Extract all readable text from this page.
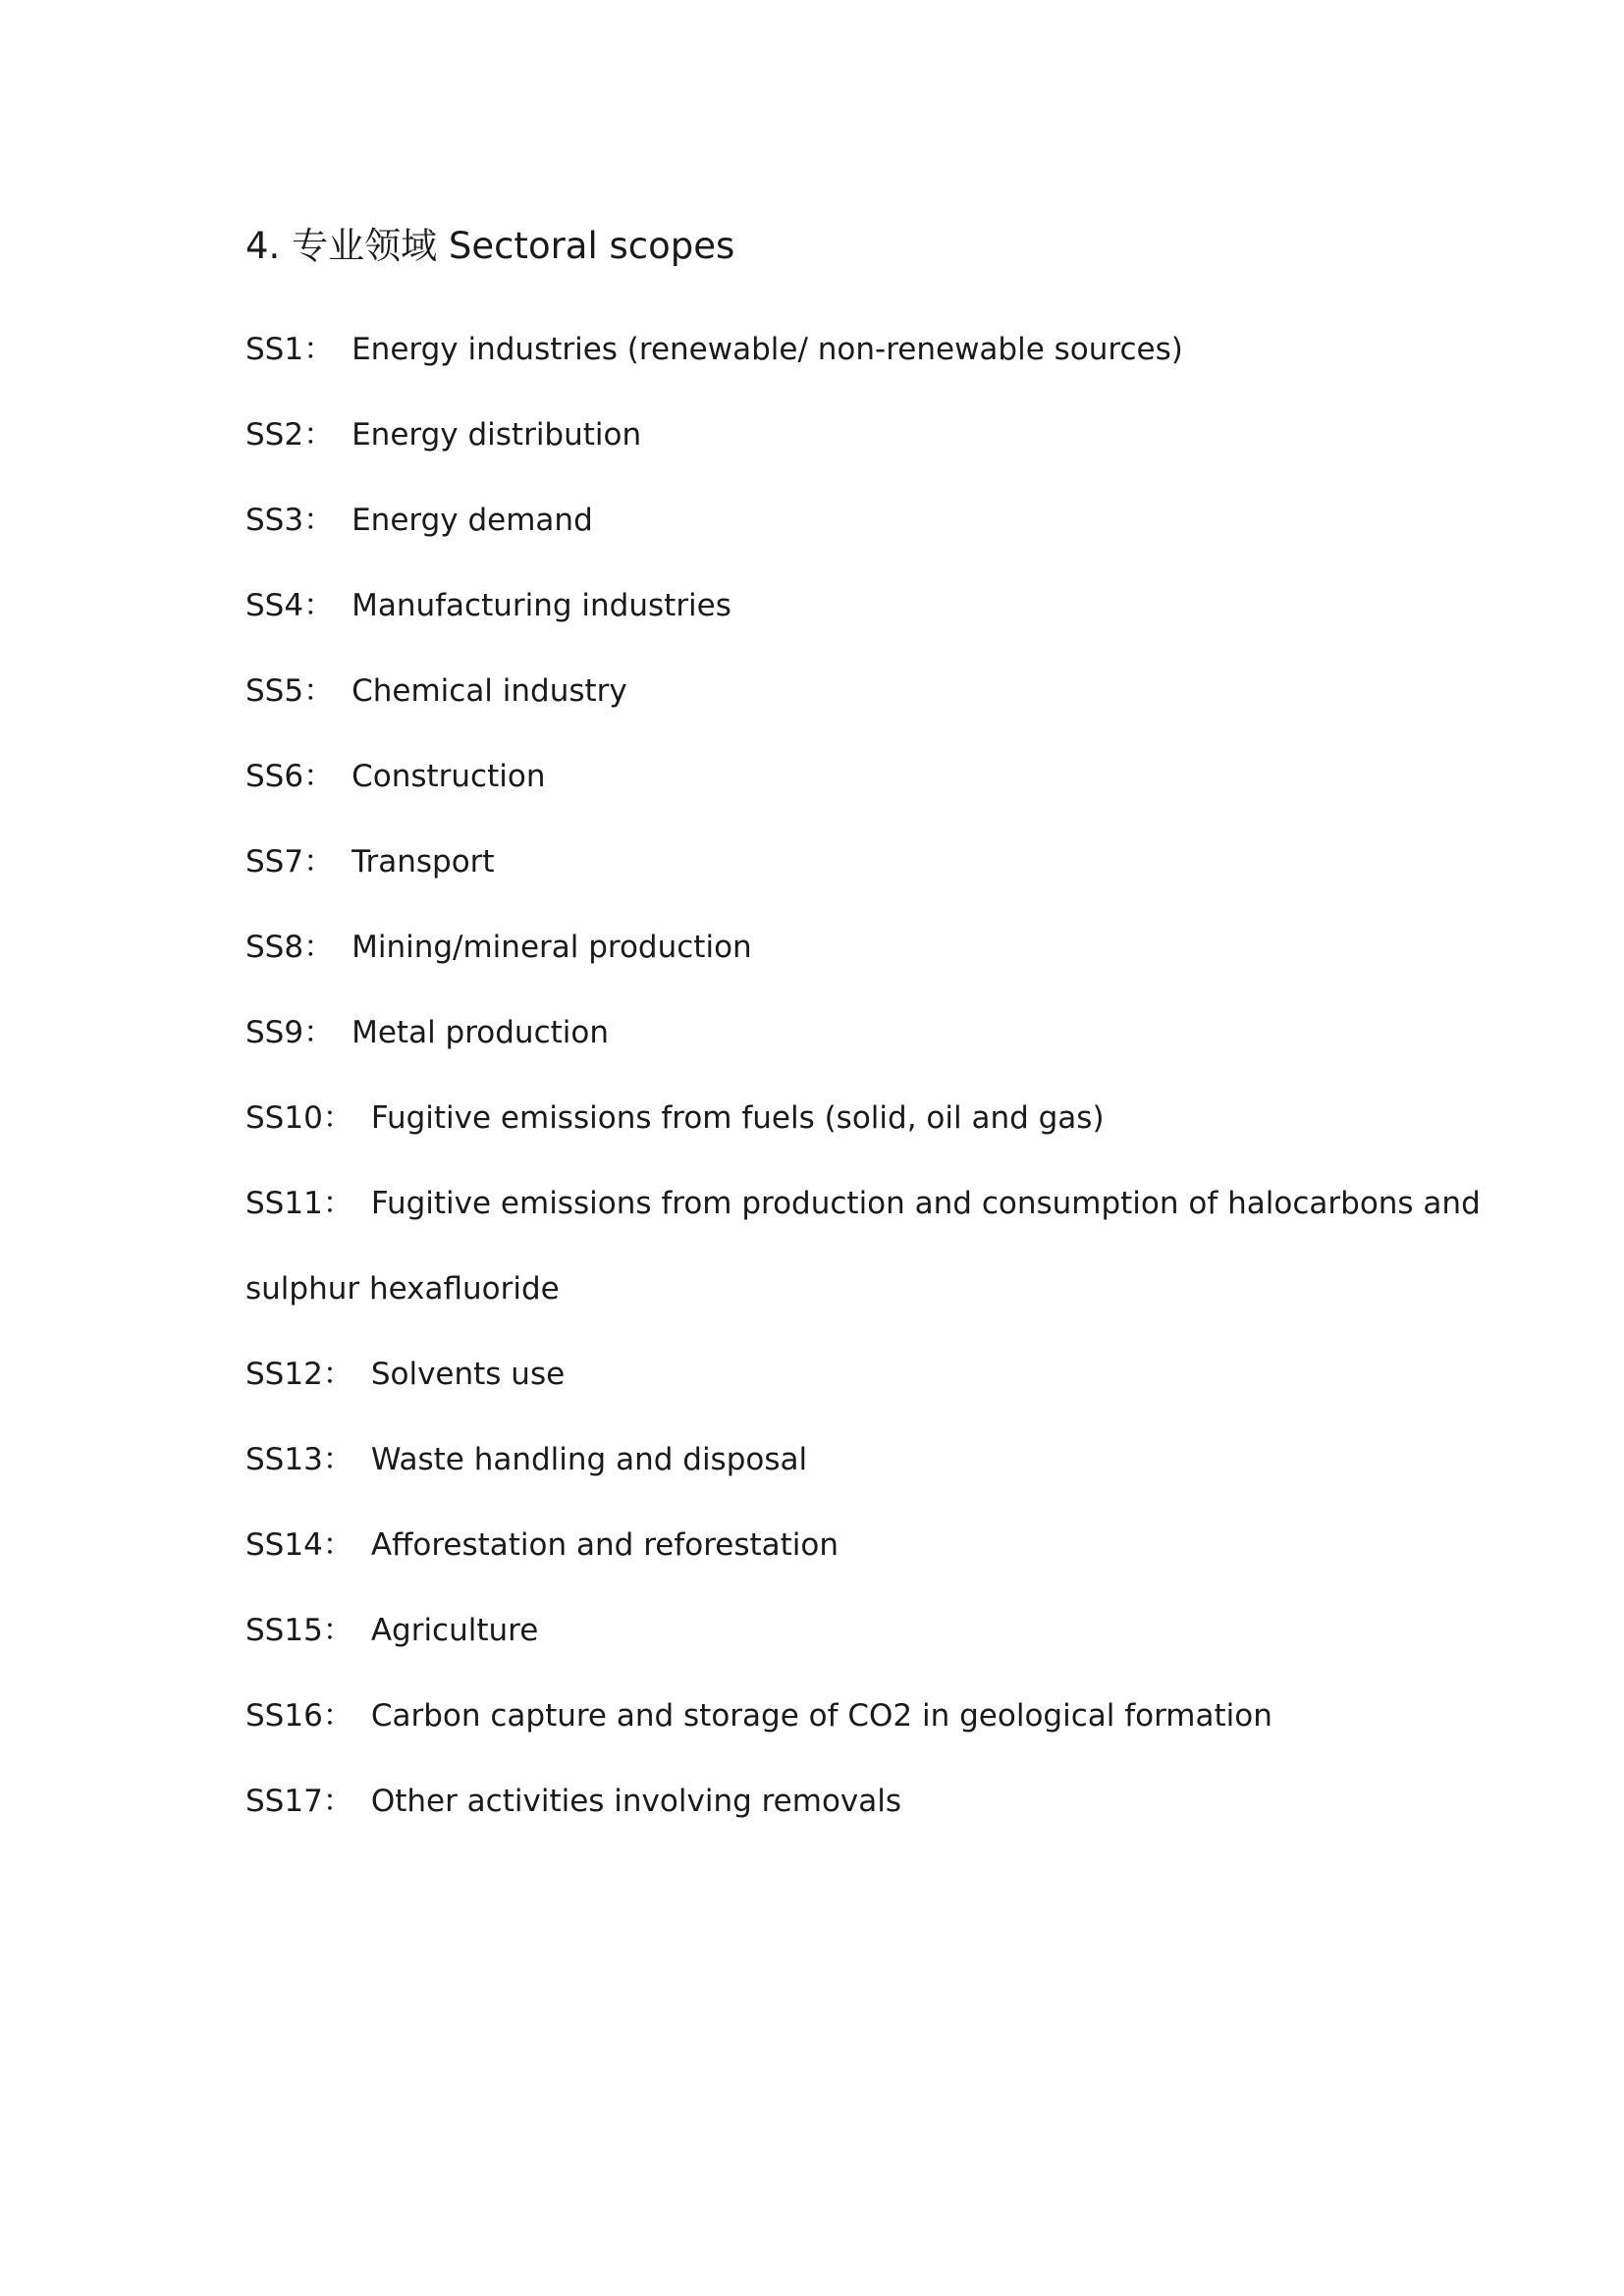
4. 专业领域 Sectoral scopes
SS1： Energy industries (renewable/ non-renewable sources)
SS2： Energy distribution
SS3： Energy demand
SS4： Manufacturing industries
SS5： Chemical industry
SS6： Construction
SS7： Transport
SS8： Mining/mineral production
SS9： Metal production
SS10： Fugitive emissions from fuels (solid, oil and gas)
SS11： Fugitive emissions from production and consumption of halocarbons and
sulphur hexafluoride
SS12： Solvents use
SS13： Waste handling and disposal
SS14： Afforestation and reforestation
SS15： Agriculture
SS16： Carbon capture and storage of CO2 in geological formation
SS17： Other activities involving removals
